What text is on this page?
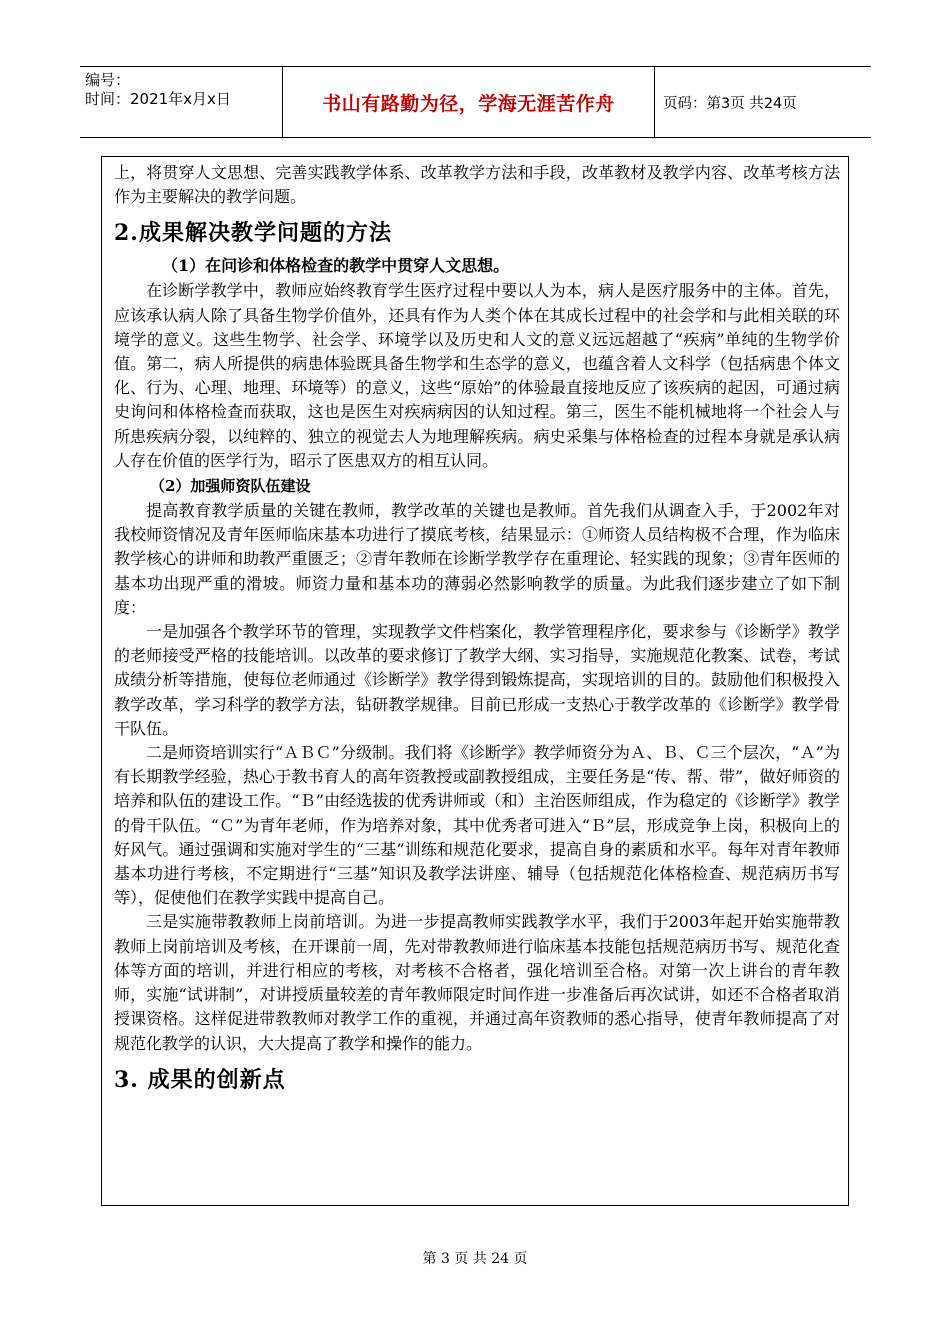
编号：
时间：2021年x月x日	书山有路勤为径，学海无涯苦作舟	页码：第3页 共24页

上，将贯穿人文思想、完善实践教学体系、改革教学方法和手段，改革教材及教学内容、改革考核方法作为主要解决的教学问题。

2.成果解决教学问题的方法
（1）在问诊和体格检查的教学中贯穿人文思想。

在诊断学教学中，教师应始终教育学生医疗过程中要以人为本，病人是医疗服务中的主体。首先，应该承认病人除了具备生物学价值外，还具有作为人类个体在其成长过程中的社会学和与此相关联的环境学的意义。这些生物学、社会学、环境学以及历史和人文的意义远远超越了“疾病”单纯的生物学价值。第二，病人所提供的病患体验既具备生物学和生态学的意义，也蕴含着人文科学（包括病患个体文化、行为、心理、地理、环境等）的意义，这些“原始”的体验最直接地反应了该疾病的起因，可通过病史询问和体格检查而获取，这也是医生对疾病病因的认知过程。第三，医生不能机械地将一个社会人与所患疾病分裂，以纯粹的、独立的视觉去人为地理解疾病。病史采集与体格检查的过程本身就是承认病人存在价值的医学行为，昭示了医患双方的相互认同。

（2）加强师资队伍建设

提高教育教学质量的关键在教师，教学改革的关键也是教师。首先我们从调查入手，于2002年对我校师资情况及青年医师临床基本功进行了摸底考核，结果显示：①师资人员结构极不合理，作为临床教学核心的讲师和助教严重匮乏；②青年教师在诊断学教学存在重理论、轻实践的现象；③青年医师的基本功出现严重的滑坡。师资力量和基本功的薄弱必然影响教学的质量。为此我们逐步建立了如下制度：

一是加强各个教学环节的管理，实现教学文件档案化，教学管理程序化，要求参与《诊断学》教学的老师接受严格的技能培训。以改革的要求修订了教学大纲、实习指导，实施规范化教案、试卷，考试成绩分析等措施，使每位老师通过《诊断学》教学得到锻炼提高，实现培训的目的。鼓励他们积极投入教学改革，学习科学的教学方法，钻研教学规律。目前已形成一支热心于教学改革的《诊断学》教学骨干队伍。

二是师资培训实行“ＡＢＣ”分级制。我们将《诊断学》教学师资分为Ａ、Ｂ、Ｃ三个层次，“Ａ”为有长期教学经验，热心于教书育人的高年资教授或副教授组成，主要任务是“传、帮、带”，做好师资的培养和队伍的建设工作。“Ｂ”由经选拔的优秀讲师或（和）主治医师组成，作为稳定的《诊断学》教学的骨干队伍。“Ｃ”为青年老师，作为培养对象，其中优秀者可进入“Ｂ”层，形成竞争上岗，积极向上的好风气。通过强调和实施对学生的“三基”训练和规范化要求，提高自身的素质和水平。每年对青年教师基本功进行考核，不定期进行“三基”知识及教学法讲座、辅导（包括规范化体格检查、规范病历书写等），促使他们在教学实践中提高自己。

三是实施带教教师上岗前培训。为进一步提高教师实践教学水平，我们于2003年起开始实施带教教师上岗前培训及考核，在开课前一周，先对带教教师进行临床基本技能包括规范病历书写、规范化查体等方面的培训，并进行相应的考核，对考核不合格者，强化培训至合格。对第一次上讲台的青年教师，实施“试讲制”，对讲授质量较差的青年教师限定时间作进一步准备后再次试讲，如还不合格者取消授课资格。这样促进带教教师对教学工作的重视，并通过高年资教师的悉心指导，使青年教师提高了对规范化教学的认识，大大提高了教学和操作的能力。

3. 成果的创新点
第 3 页 共 24 页
